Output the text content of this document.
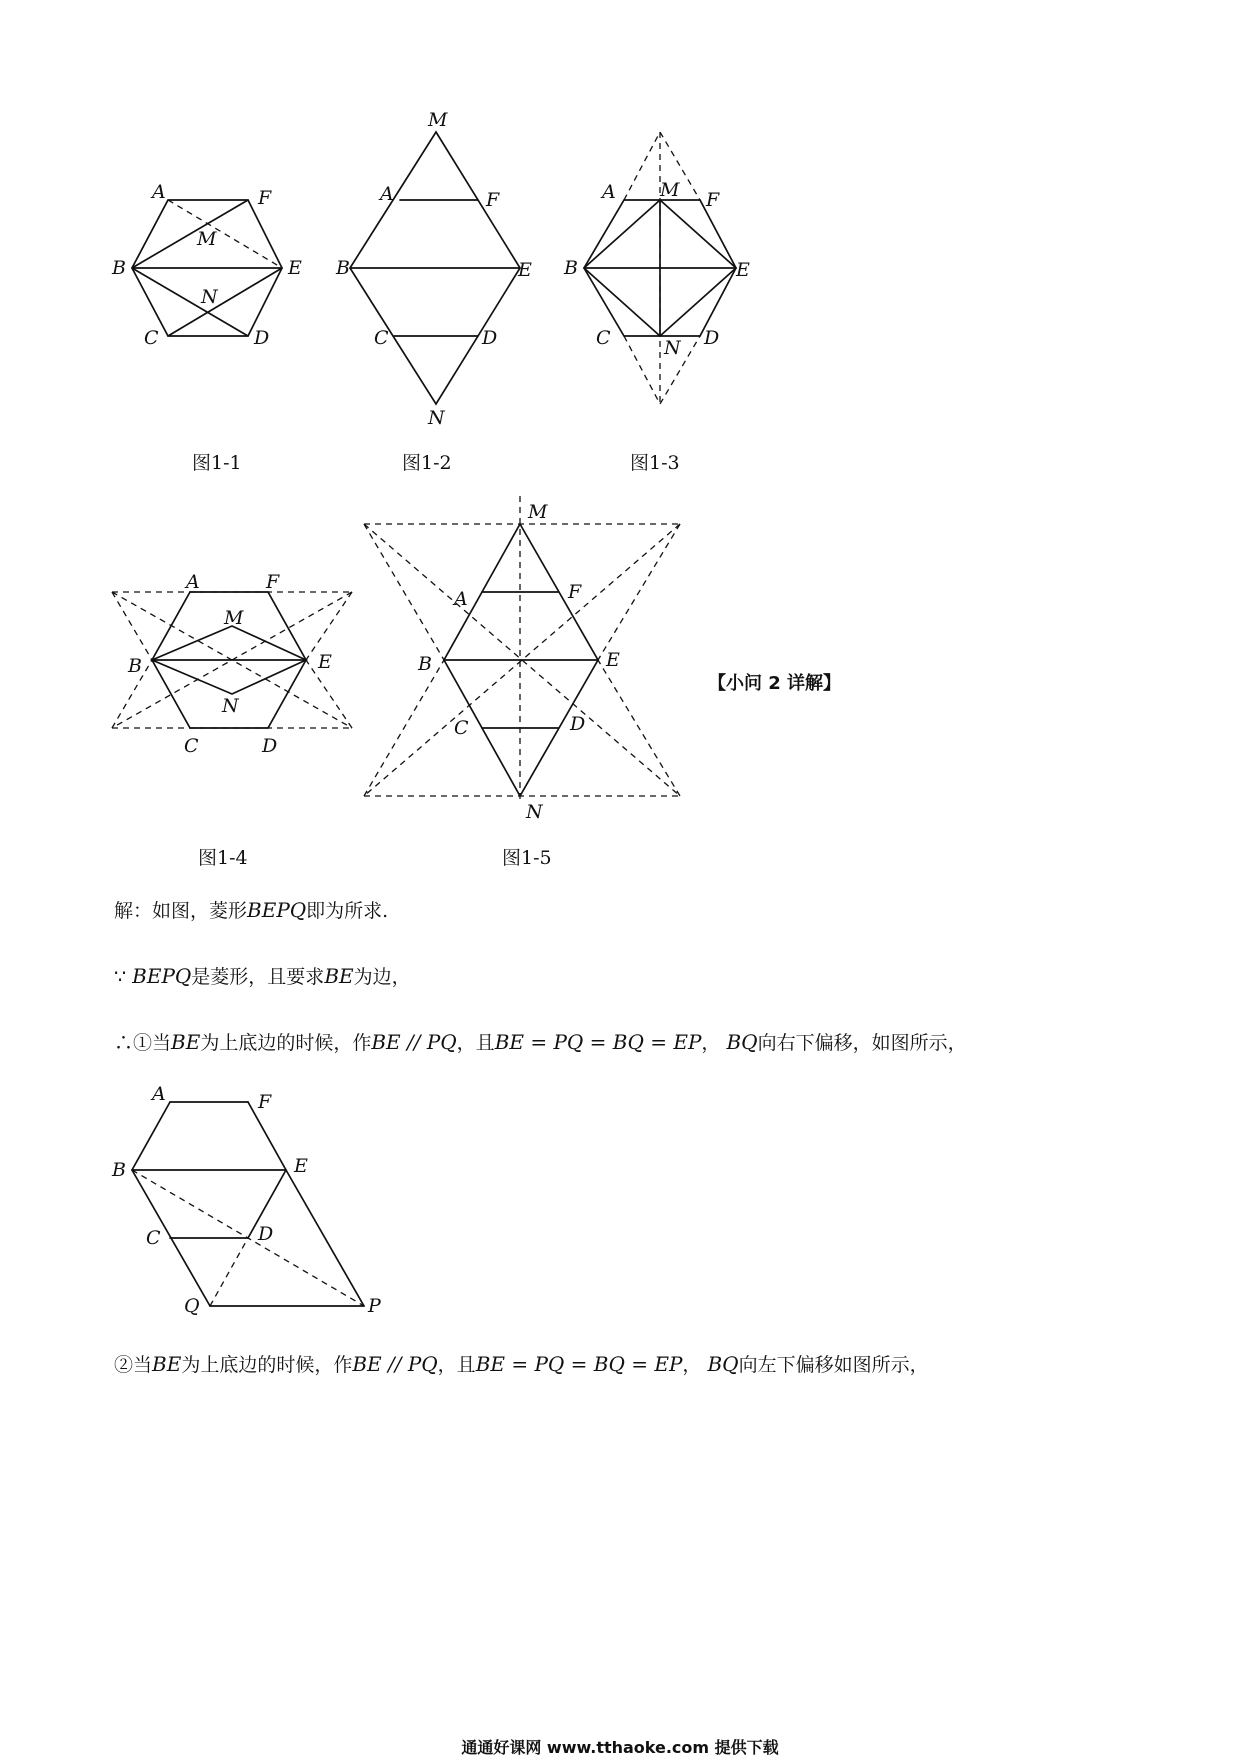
A	F
M
B	E
N
C	D
图1-1
M
A	F
B	E
C	D
N
图1-2
A M F
B	E
C	N D
图1-3
A	F
M
B	E
N
C	D
图1-4
M
A	F
B	E
C	D
N
图1-5
【小问 2 详解】
解：如图，菱形BEPQ即为所求.
∵ BEPQ是菱形，且要求BE为边，
∴①当BE为上底边的时候，作BE // PQ，且BE = PQ = BQ = EP， BQ向右下偏移，如图所示，
A	F
B	E
C	D
Q	P
②当BE为上底边的时候，作BE // PQ，且BE = PQ = BQ = EP， BQ向左下偏移如图所示，
通通好课网 www.tthaoke.com 提供下载
